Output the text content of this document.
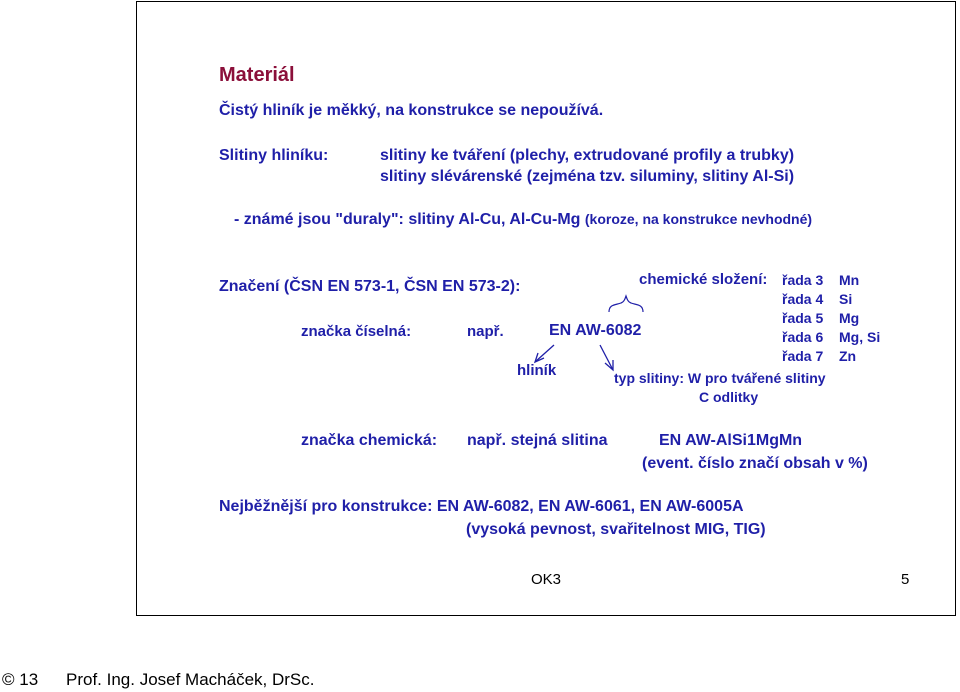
Materiál

Čistý hliník je měkký, na konstrukce se nepoužívá.

Slitiny hliníku:	slitiny ke tváření (plechy, extrudované profily a trubky)

slitiny slévárenské (zejména tzv. siluminy, slitiny Al-Si)

- známé jsou "duraly": slitiny Al-Cu, Al-Cu-Mg (koroze, na konstrukce nevhodné)

Značení (ČSN EN 573-1, ČSN EN 573-2):	chemické složení: řada 3 Mn

řada 4 Si

řada 5 Mg

řada 6 Mg, Si

řada 7 Zn

značka číselná:	např.	EN AW-6082

hliník	typ slitiny: W pro tvářené slitiny

C odlitky

značka chemická: např. stejná slitina	EN AW-AlSi1MgMn

(event. číslo značí obsah v %)

Nejběžnější pro konstrukce: EN AW-6082, EN AW-6061, EN AW-6005A

(vysoká pevnost, svařitelnost MIG, TIG)

OK3	5

© 13 Prof. Ing. Josef Macháček, DrSc.
